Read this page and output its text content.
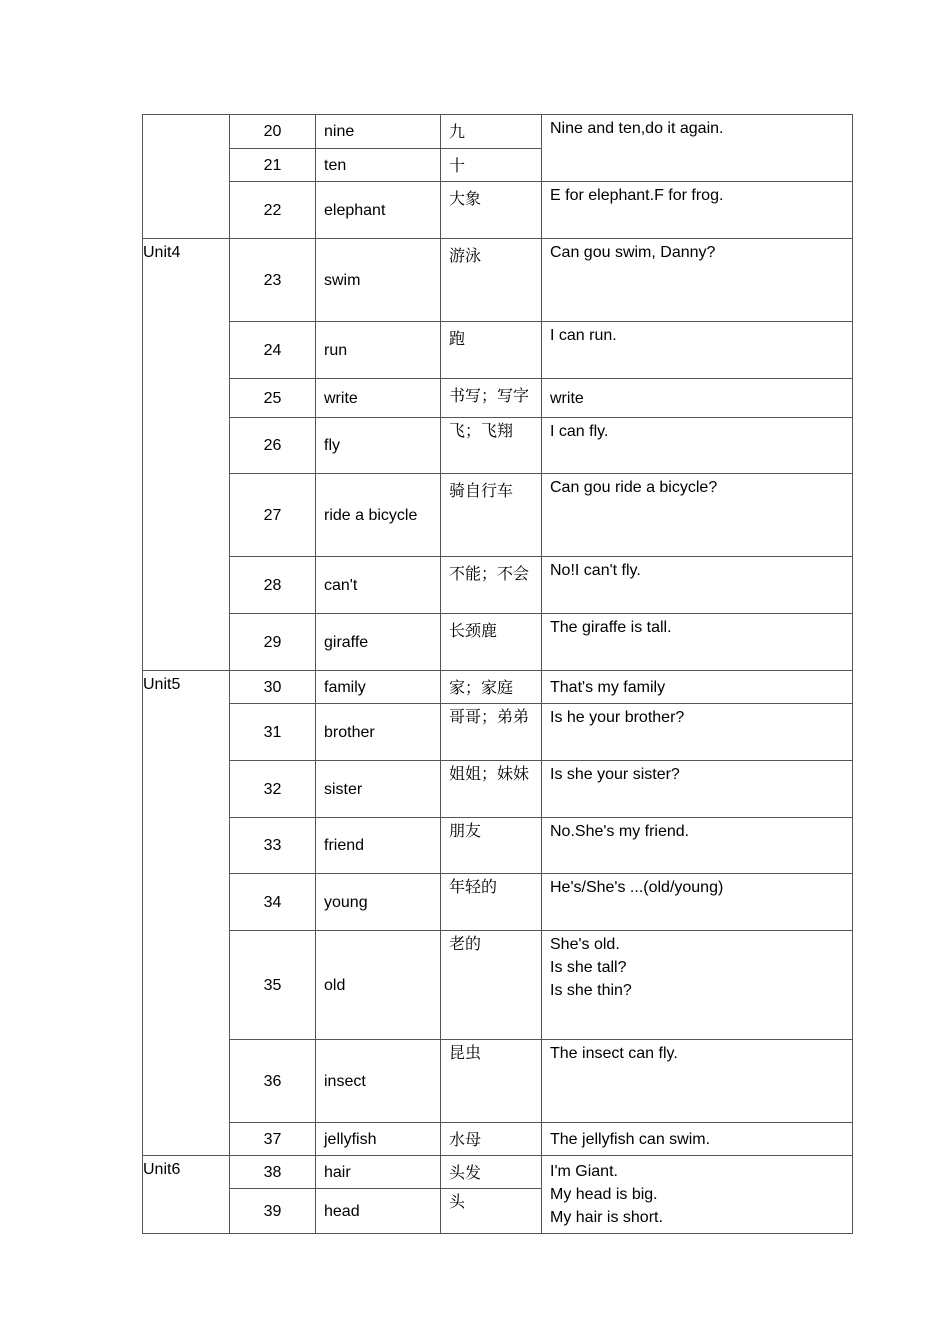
	20	nine	九	Nine and ten,do it again.

	21	ten	十	
	22	elephant	大象	E for elephant.F for frog.

Unit4	23	swim	游泳	Can gou swim, Danny?

	24	run	跑	I can run.

	25	write	书写；写字	write

	26	fly	飞；飞翔	I can fly.

	27	ride a bicycle	骑自行车	Can gou ride a bicycle?

	28	can't	不能；不会	No!I can't fly.

	29	giraffe	长颈鹿	The giraffe is tall.

Unit5	30	family	家；家庭	That's my family

	31	brother	哥哥；弟弟	Is he your brother?

	32	sister	姐姐；妹妹	Is she your sister?

	33	friend	朋友	No.She's my friend.

	34	young	年轻的	He's/She's ...(old/young)

	35	old	老的	She's old.
Is she tall?
Is she thin?

	36	insect	昆虫	The insect can fly.

	37	jellyfish	水母	The jellyfish can swim.

Unit6	38	hair	头发	I'm Giant.
My head is big.
My hair is short.

	39	head	头	
